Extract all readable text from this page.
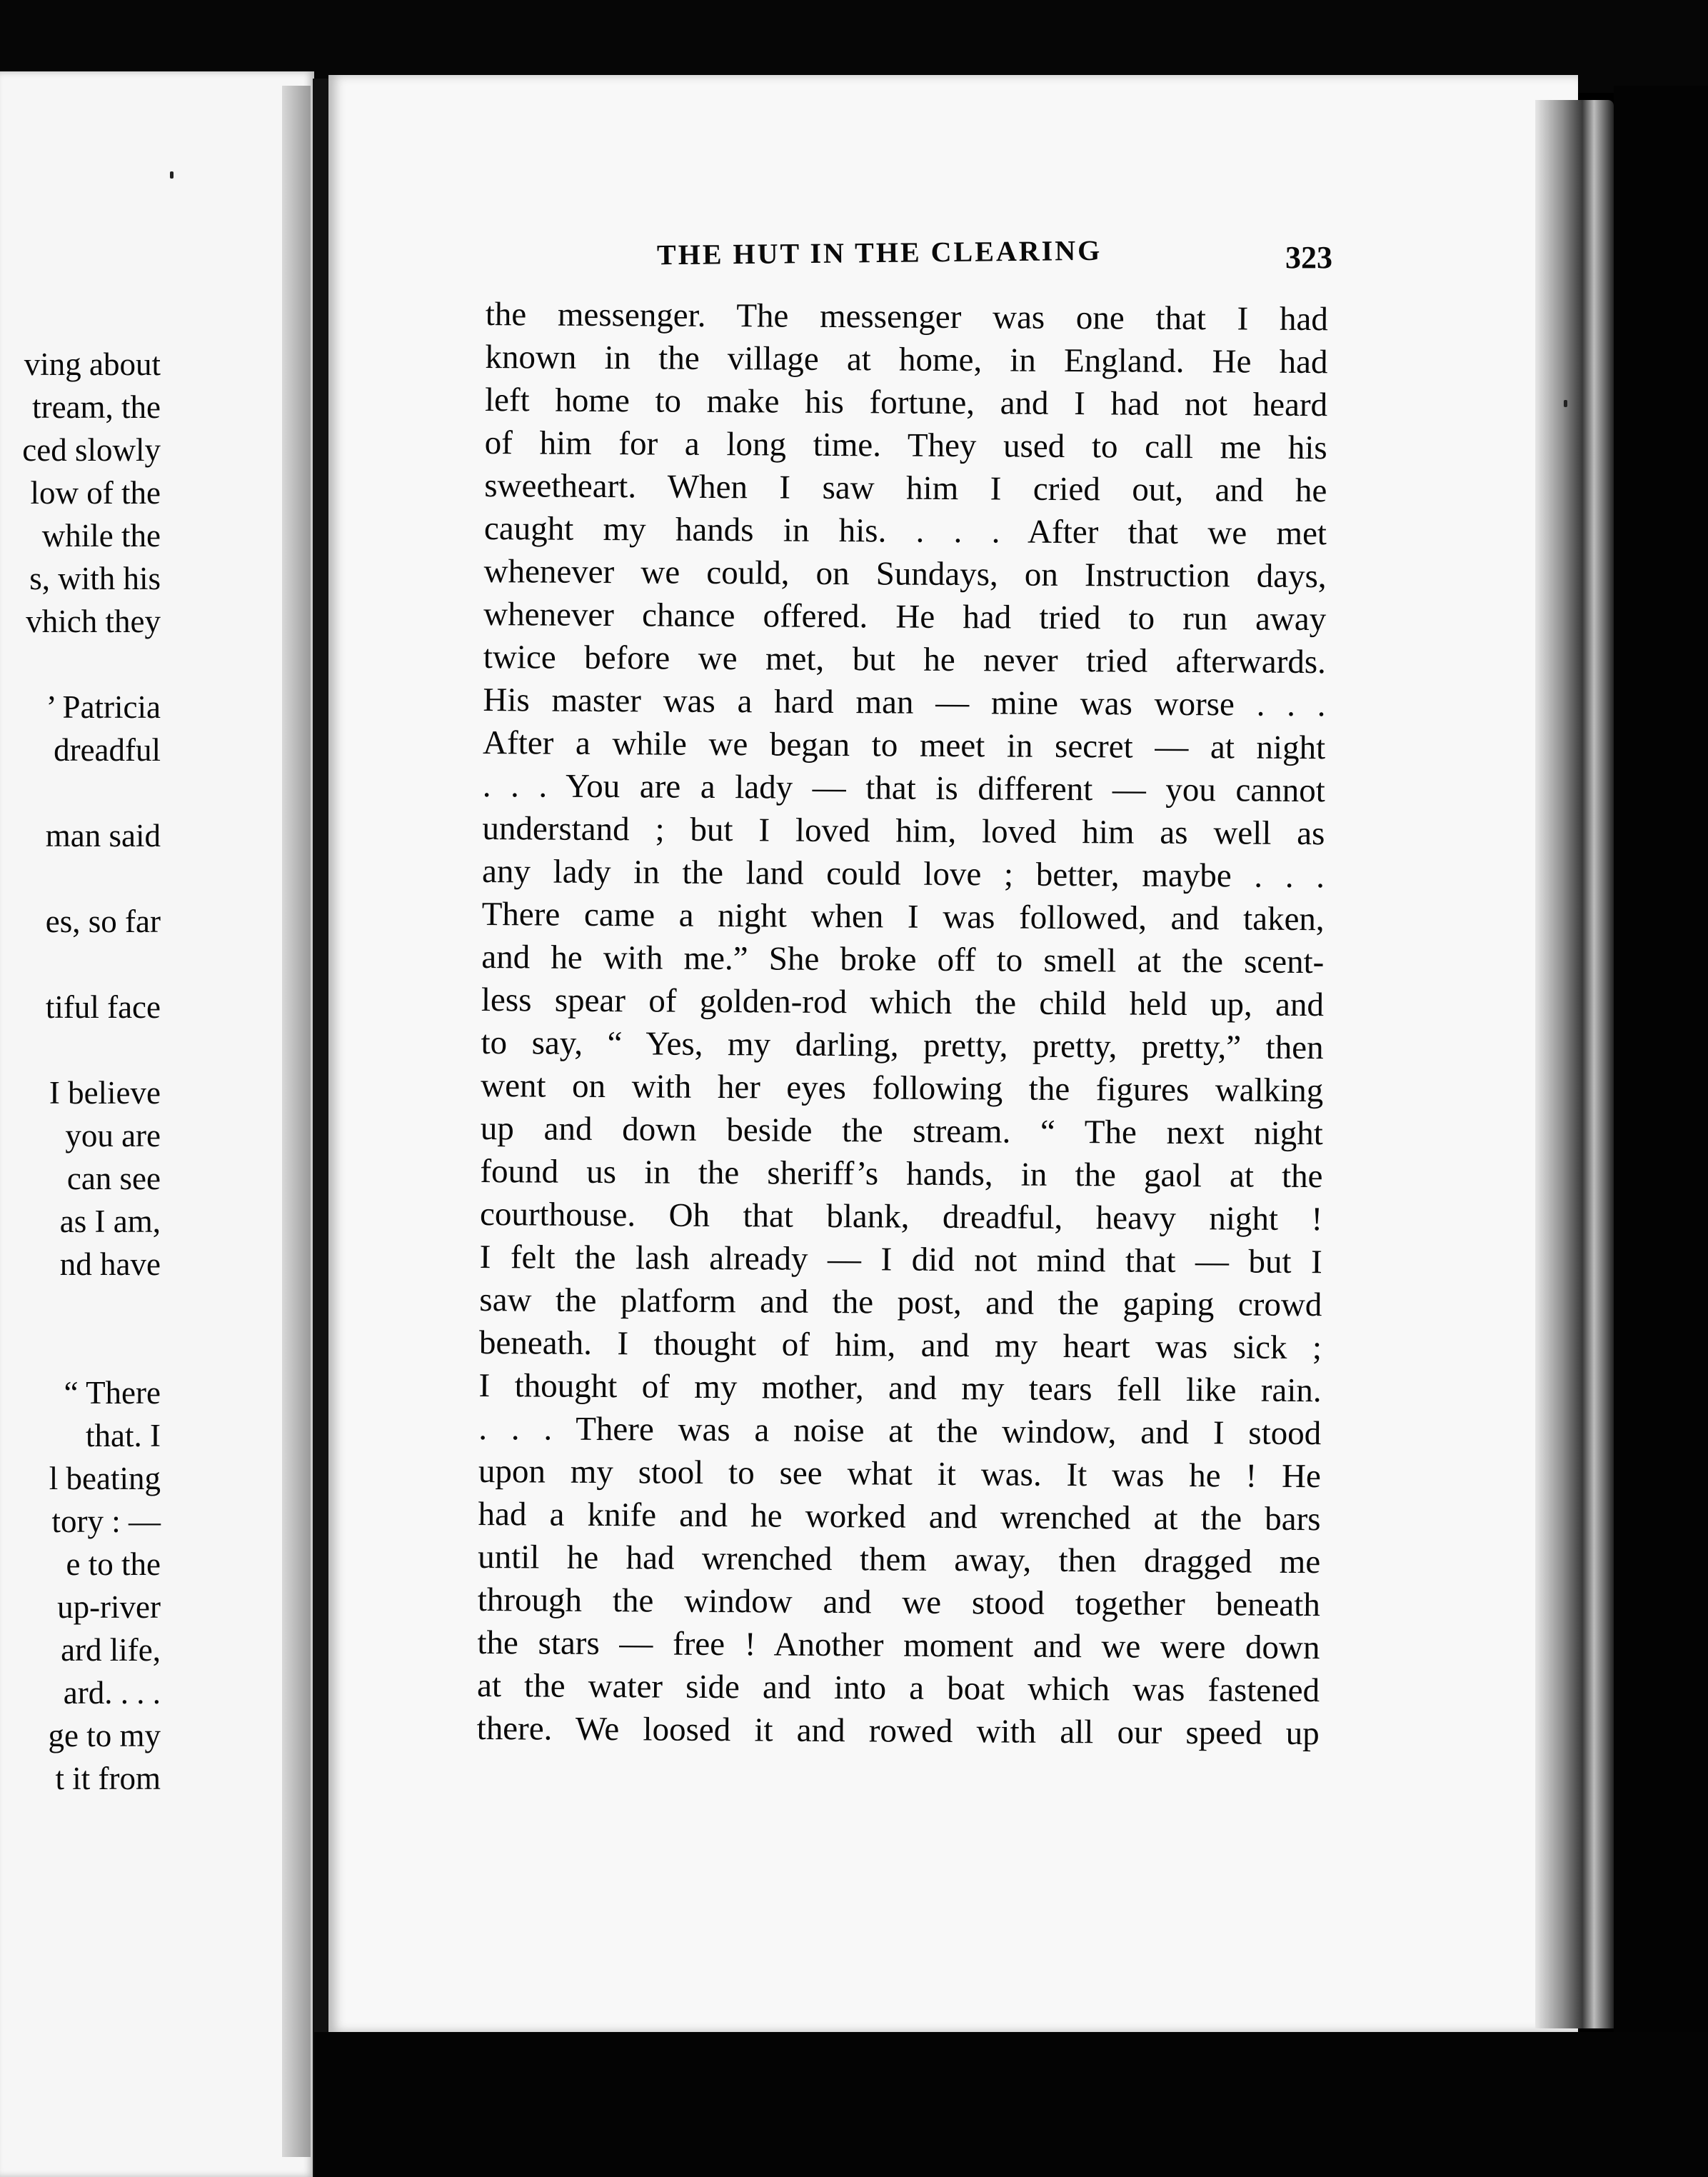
ving about
tream, the
ced slowly
low of the
while the
s, with his
vhich they
’ Patricia
dreadful
man said
es, so far
tiful face
I believe
you are
can see
as I am,
nd have
“ There
that. I
l beating
tory : —
e to the
up-river
ard life,
ard. . . .
ge to my
t it from
THE HUT IN THE CLEARING	323
the messenger. The messenger was one that I had
known in the village at home, in England. He had
left home to make his fortune, and I had not heard
of him for a long time. They used to call me his
sweetheart. When I saw him I cried out, and he
caught my hands in his. . . . After that we met
whenever we could, on Sundays, on Instruction days,
whenever chance offered. He had tried to run away
twice before we met, but he never tried afterwards.
His master was a hard man — mine was worse . . .
After a while we began to meet in secret — at night
. . . You are a lady — that is different — you cannot
understand ; but I loved him, loved him as well as
any lady in the land could love ; better, maybe . . .
There came a night when I was followed, and taken,
and he with me.” She broke off to smell at the scent-
less spear of golden-rod which the child held up, and
to say, “ Yes, my darling, pretty, pretty, pretty,” then
went on with her eyes following the figures walking
up and down beside the stream. “ The next night
found us in the sheriff’s hands, in the gaol at the
courthouse. Oh that blank, dreadful, heavy night !
I felt the lash already — I did not mind that — but I
saw the platform and the post, and the gaping crowd
beneath. I thought of him, and my heart was sick ;
I thought of my mother, and my tears fell like rain.
. . . There was a noise at the window, and I stood
upon my stool to see what it was. It was he ! He
had a knife and he worked and wrenched at the bars
until he had wrenched them away, then dragged me
through the window and we stood together beneath
the stars — free ! Another moment and we were down
at the water side and into a boat which was fastened
there. We loosed it and rowed with all our speed up
